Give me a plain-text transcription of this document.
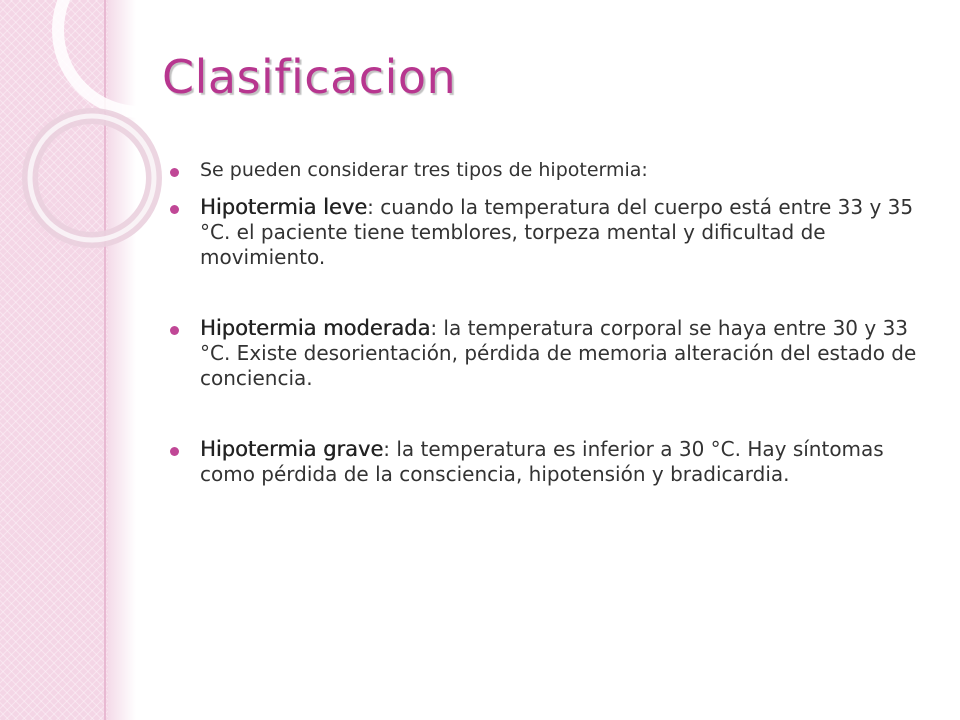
Clasificacion
Se pueden considerar tres tipos de hipotermia:
Hipotermia leve: cuando la temperatura del cuerpo está entre 33 y 35 °C. el paciente tiene temblores, torpeza mental y dificultad de movimiento.
Hipotermia moderada: la temperatura corporal se haya entre 30 y 33 °C. Existe desorientación, pérdida de memoria alteración del estado de conciencia.
Hipotermia grave: la temperatura es inferior a 30 °C. Hay síntomas como pérdida de la consciencia, hipotensión y bradicardia.
